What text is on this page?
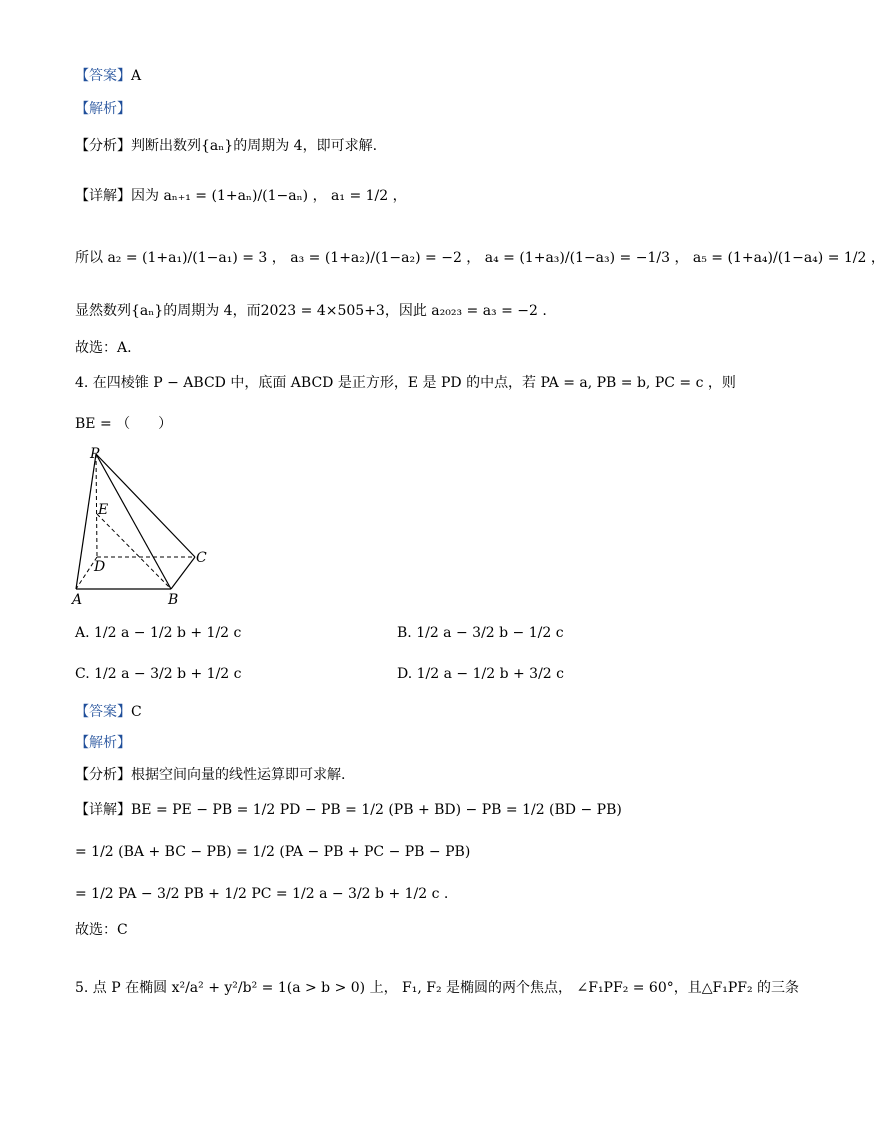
【答案】A
【解析】
【分析】判断出数列{aₙ}的周期为 4，即可求解.
【详解】因为 aₙ₊₁ = (1+aₙ)/(1−aₙ) ， a₁ = 1/2 ，
所以 a₂ = (1+a₁)/(1−a₁) = 3 ， a₃ = (1+a₂)/(1−a₂) = −2 ， a₄ = (1+a₃)/(1−a₃) = −1/3 ， a₅ = (1+a₄)/(1−a₄) = 1/2 ，
显然数列{aₙ}的周期为 4，而2023 = 4×505+3，因此 a₂₀₂₃ = a₃ = −2 .
故选：A.
4. 在四棱锥 P − ABCD 中，底面 ABCD 是正方形，E 是 PD 的中点，若 PA = a, PB = b, PC = c ，则
BE = （　　）
P
E
D
C
A	B
A. 1/2 a − 1/2 b + 1/2 c	B. 1/2 a − 3/2 b − 1/2 c
C. 1/2 a − 3/2 b + 1/2 c	D. 1/2 a − 1/2 b + 3/2 c
【答案】C
【解析】
【分析】根据空间向量的线性运算即可求解.
【详解】BE = PE − PB = 1/2 PD − PB = 1/2 (PB + BD) − PB = 1/2 (BD − PB)
= 1/2 (BA + BC − PB) = 1/2 (PA − PB + PC − PB − PB)
= 1/2 PA − 3/2 PB + 1/2 PC = 1/2 a − 3/2 b + 1/2 c .
故选：C
5. 点 P 在椭圆 x²/a² + y²/b² = 1(a > b > 0) 上， F₁, F₂ 是椭圆的两个焦点， ∠F₁PF₂ = 60°，且△F₁PF₂ 的三条
